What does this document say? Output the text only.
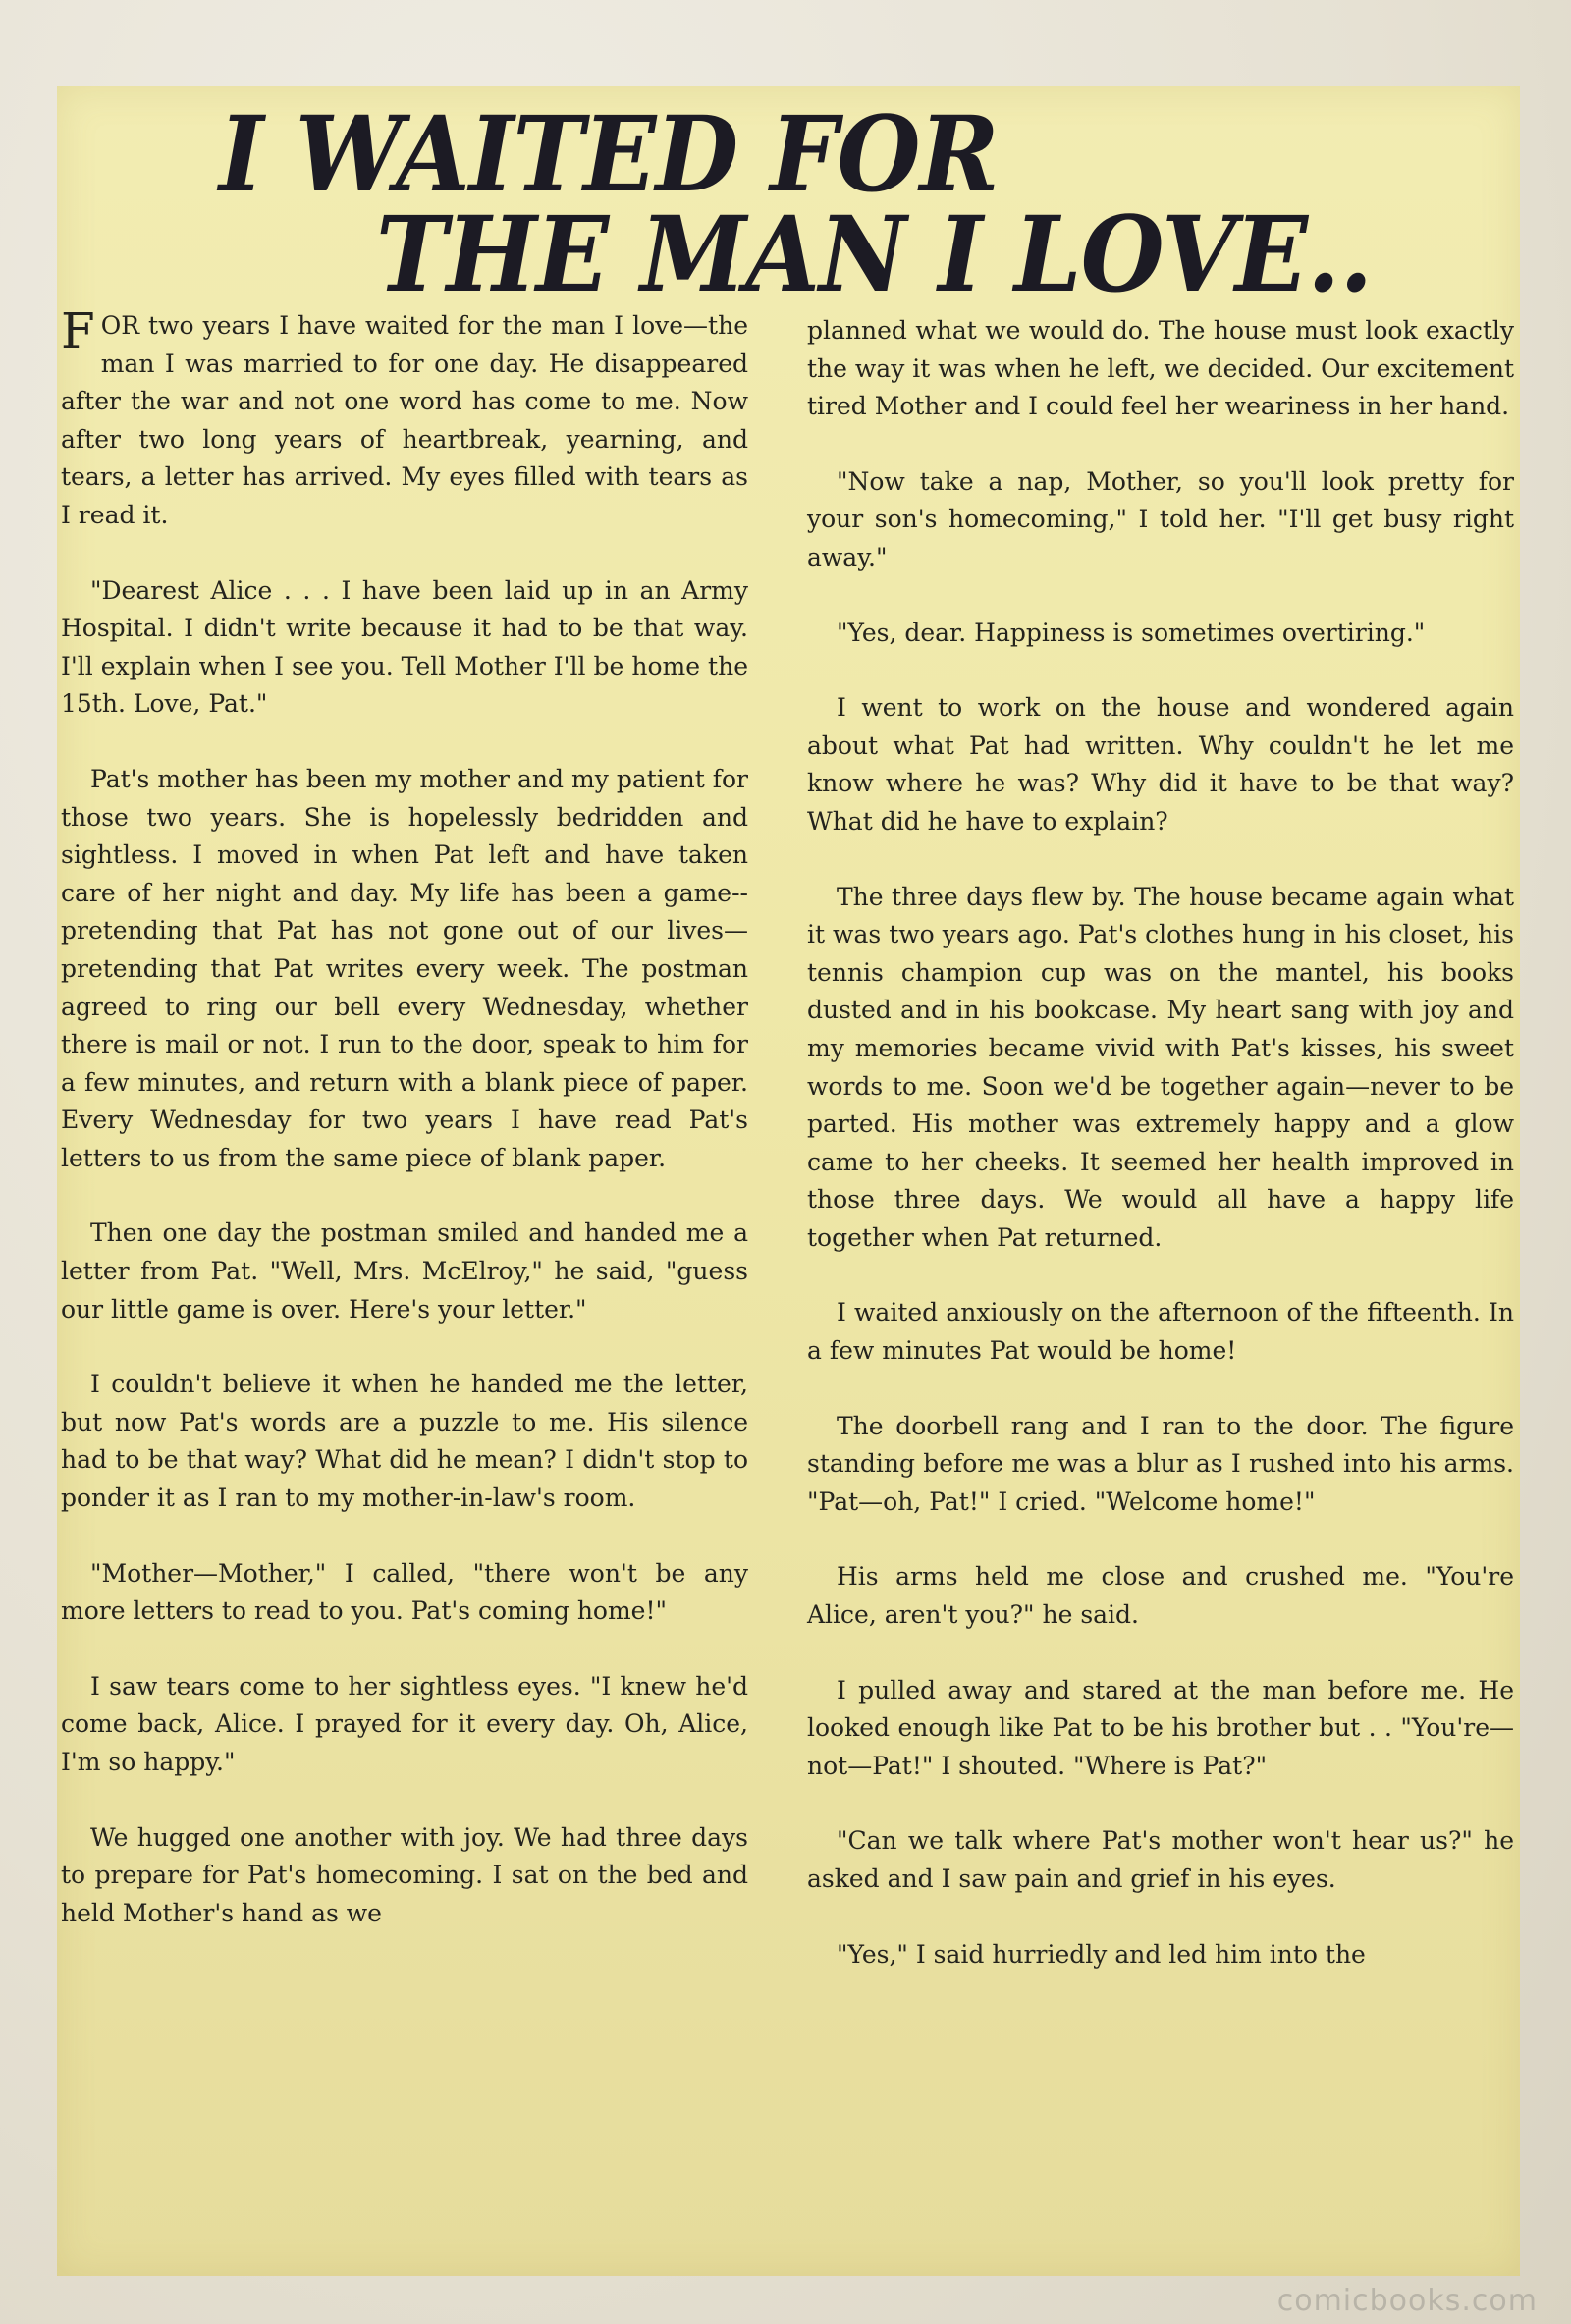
I WAITED FOR
THE MAN I LOVE..

FOR two years I have waited for the man I love—the man I was married to for one day. He disappeared after the war and not one word has come to me. Now after two long years of heartbreak, yearning, and tears, a letter has arrived. My eyes filled with tears as I read it.

"Dearest Alice . . . I have been laid up in an Army Hospital. I didn't write because it had to be that way. I'll explain when I see you. Tell Mother I'll be home the 15th. Love, Pat."

Pat's mother has been my mother and my patient for those two years. She is hopelessly bedridden and sightless. I moved in when Pat left and have taken care of her night and day. My life has been a game--pretending that Pat has not gone out of our lives—pretending that Pat writes every week. The postman agreed to ring our bell every Wednesday, whether there is mail or not. I run to the door, speak to him for a few minutes, and return with a blank piece of paper. Every Wednesday for two years I have read Pat's letters to us from the same piece of blank paper.

Then one day the postman smiled and handed me a letter from Pat. "Well, Mrs. McElroy," he said, "guess our little game is over. Here's your letter."

I couldn't believe it when he handed me the letter, but now Pat's words are a puzzle to me. His silence had to be that way? What did he mean? I didn't stop to ponder it as I ran to my mother-in-law's room.

"Mother—Mother," I called, "there won't be any more letters to read to you. Pat's coming home!"

I saw tears come to her sightless eyes. "I knew he'd come back, Alice. I prayed for it every day. Oh, Alice, I'm so happy."

We hugged one another with joy. We had three days to prepare for Pat's homecoming. I sat on the bed and held Mother's hand as we

planned what we would do. The house must look exactly the way it was when he left, we decided. Our excitement tired Mother and I could feel her weariness in her hand.

"Now take a nap, Mother, so you'll look pretty for your son's homecoming," I told her. "I'll get busy right away."

"Yes, dear. Happiness is sometimes overtiring."

I went to work on the house and wondered again about what Pat had written. Why couldn't he let me know where he was? Why did it have to be that way? What did he have to explain?

The three days flew by. The house became again what it was two years ago. Pat's clothes hung in his closet, his tennis champion cup was on the mantel, his books dusted and in his bookcase. My heart sang with joy and my memories became vivid with Pat's kisses, his sweet words to me. Soon we'd be together again—never to be parted. His mother was extremely happy and a glow came to her cheeks. It seemed her health improved in those three days. We would all have a happy life together when Pat returned.

I waited anxiously on the afternoon of the fifteenth. In a few minutes Pat would be home!

The doorbell rang and I ran to the door. The figure standing before me was a blur as I rushed into his arms. "Pat—oh, Pat!" I cried. "Welcome home!"

His arms held me close and crushed me. "You're Alice, aren't you?" he said.

I pulled away and stared at the man before me. He looked enough like Pat to be his brother but . . "You're—not—Pat!" I shouted. "Where is Pat?"

"Can we talk where Pat's mother won't hear us?" he asked and I saw pain and grief in his eyes.

"Yes," I said hurriedly and led him into the

comicbooks.com
